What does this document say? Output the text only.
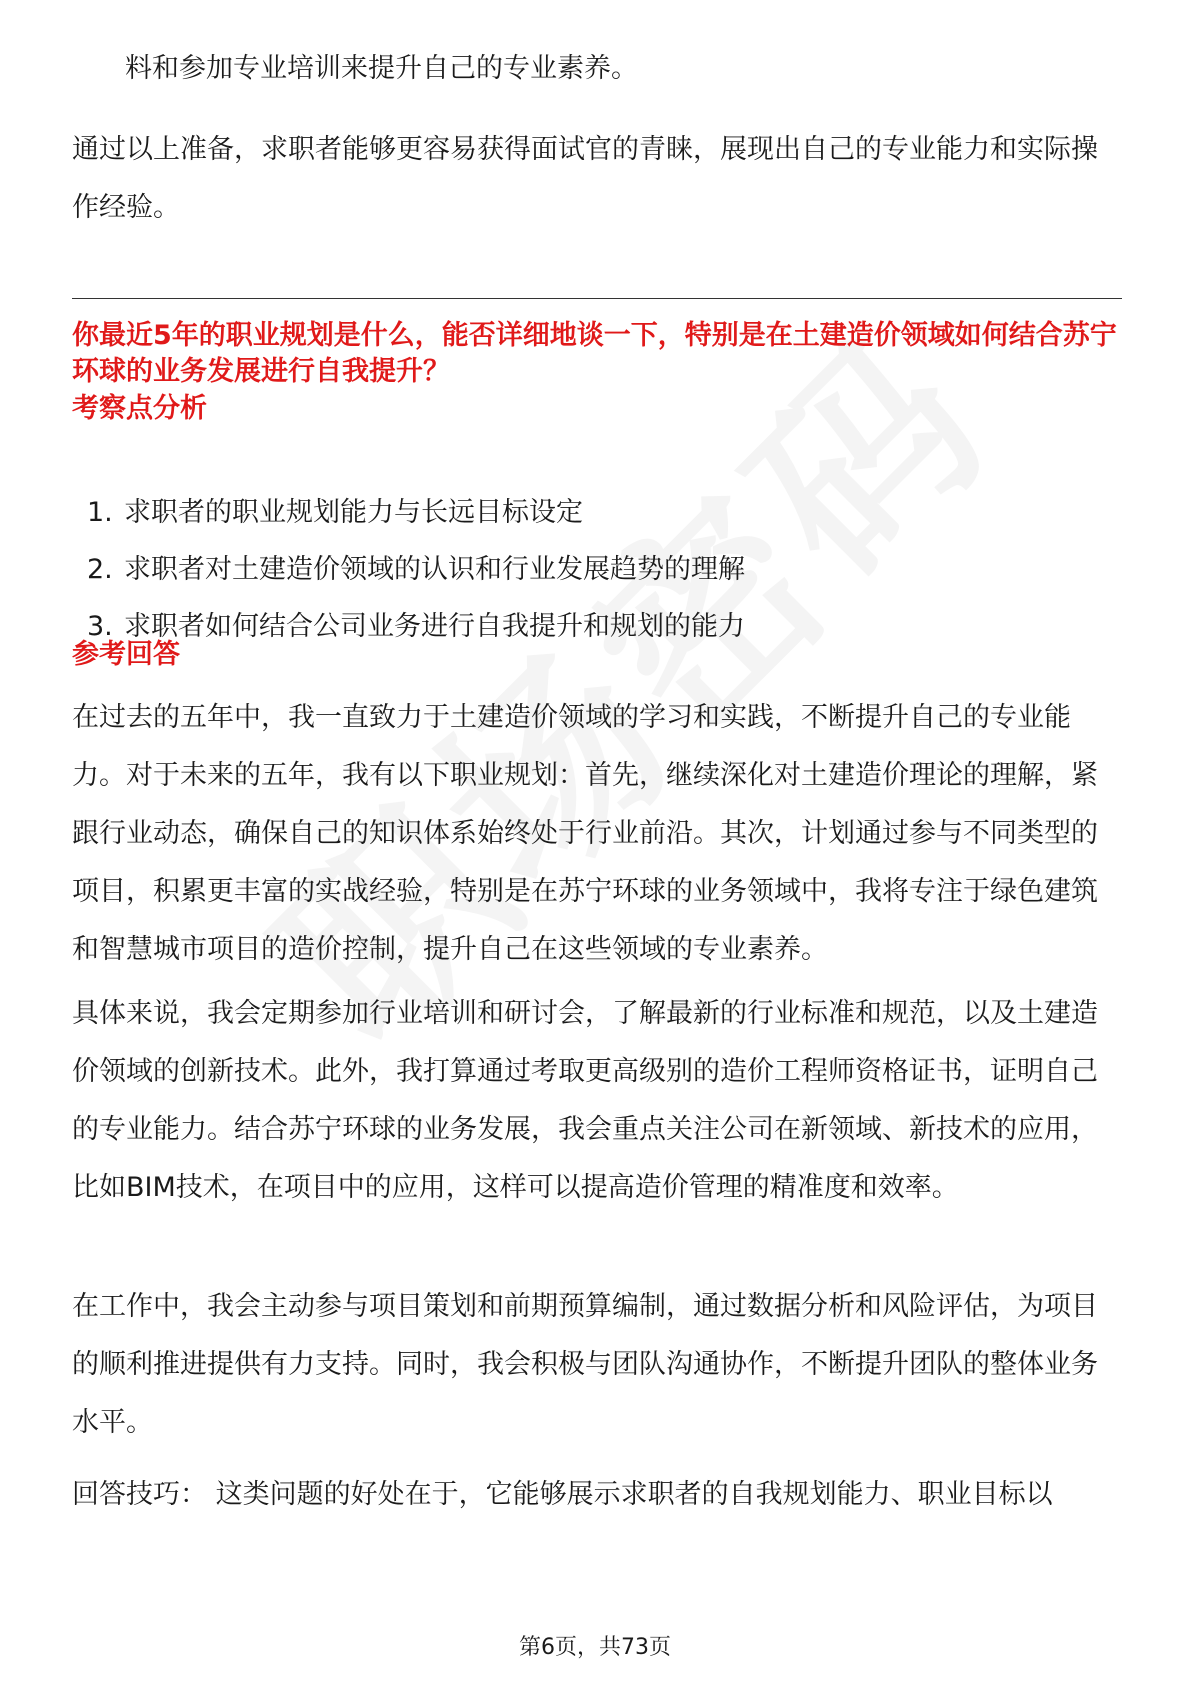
料和参加专业培训来提升自己的专业素养。

通过以上准备，求职者能够更容易获得面试官的青睐，展现出自己的专业能力和实际操作经验。

你最近5年的职业规划是什么，能否详细地谈一下，特别是在土建造价领域如何结合苏宁环球的业务发展进行自我提升？

考察点分析

1. 求职者的职业规划能力与长远目标设定
2. 求职者对土建造价领域的认识和行业发展趋势的理解
3. 求职者如何结合公司业务进行自我提升和规划的能力

参考回答

在过去的五年中，我一直致力于土建造价领域的学习和实践，不断提升自己的专业能力。对于未来的五年，我有以下职业规划：首先，继续深化对土建造价理论的理解，紧跟行业动态，确保自己的知识体系始终处于行业前沿。其次，计划通过参与不同类型的项目，积累更丰富的实战经验，特别是在苏宁环球的业务领域中，我将专注于绿色建筑和智慧城市项目的造价控制，提升自己在这些领域的专业素养。

具体来说，我会定期参加行业培训和研讨会，了解最新的行业标准和规范，以及土建造价领域的创新技术。此外，我打算通过考取更高级别的造价工程师资格证书，证明自己的专业能力。结合苏宁环球的业务发展，我会重点关注公司在新领域、新技术的应用，比如BIM技术，在项目中的应用，这样可以提高造价管理的精准度和效率。

在工作中，我会主动参与项目策划和前期预算编制，通过数据分析和风险评估，为项目的顺利推进提供有力支持。同时，我会积极与团队沟通协作，不断提升团队的整体业务水平。

回答技巧： 这类问题的好处在于，它能够展示求职者的自我规划能力、职业目标以

第6页，共73页
